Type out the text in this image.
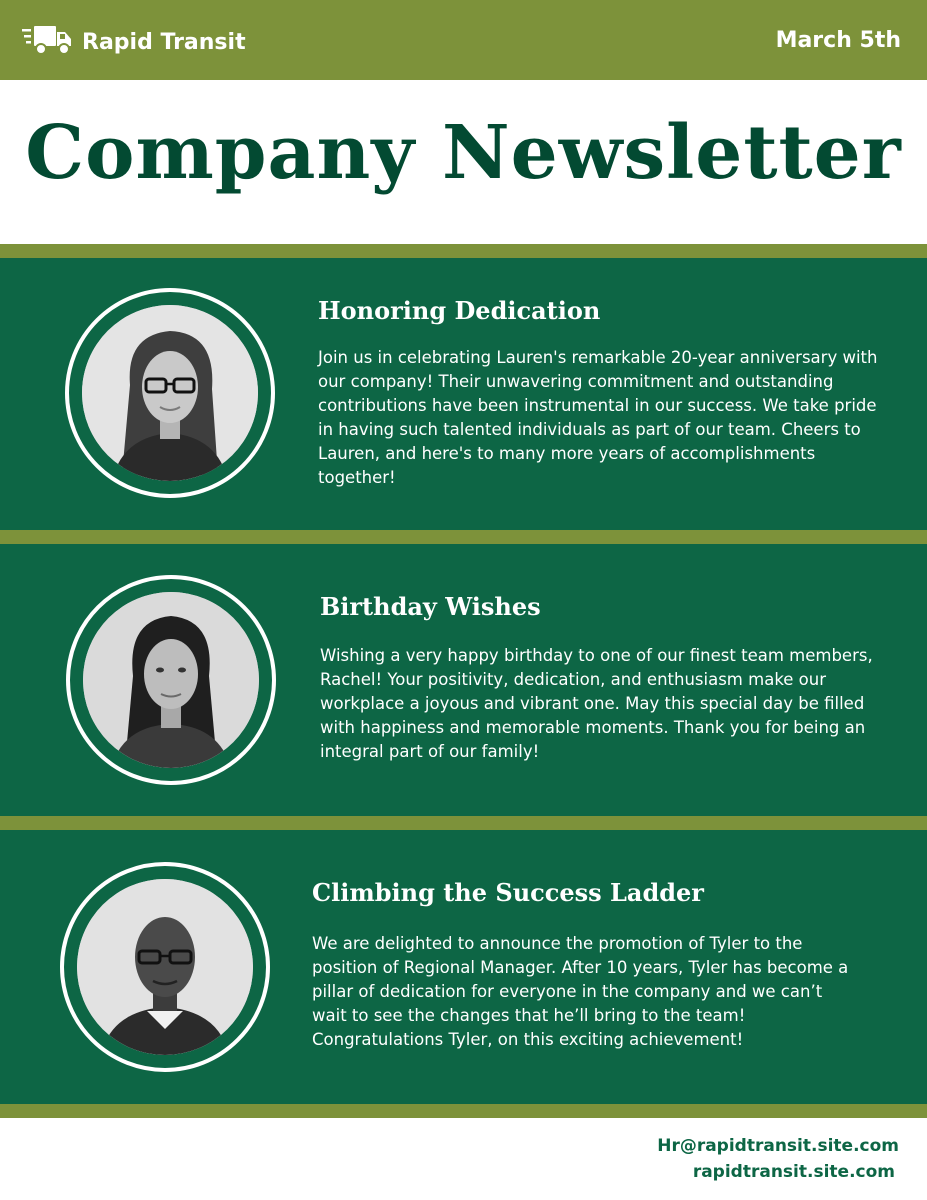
Rapid Transit	March 5th
Company Newsletter
Honoring Dedication
Join us in celebrating Lauren's remarkable 20-year anniversary with our company! Their unwavering commitment and outstanding contributions have been instrumental in our success. We take pride in having such talented individuals as part of our team. Cheers to Lauren, and here's to many more years of accomplishments together!
Birthday Wishes
Wishing a very happy birthday to one of our finest team members, Rachel! Your positivity, dedication, and enthusiasm make our workplace a joyous and vibrant one. May this special day be filled with happiness and memorable moments. Thank you for being an integral part of our family!
Climbing the Success Ladder
We are delighted to announce the promotion of Tyler to the position of Regional Manager. After 10 years, Tyler has become a pillar of dedication for everyone in the company and we can’t wait to see the changes that he’ll bring to the team! Congratulations Tyler, on this exciting achievement!
Hr@rapidtransit.site.com
rapidtransit.site.com
